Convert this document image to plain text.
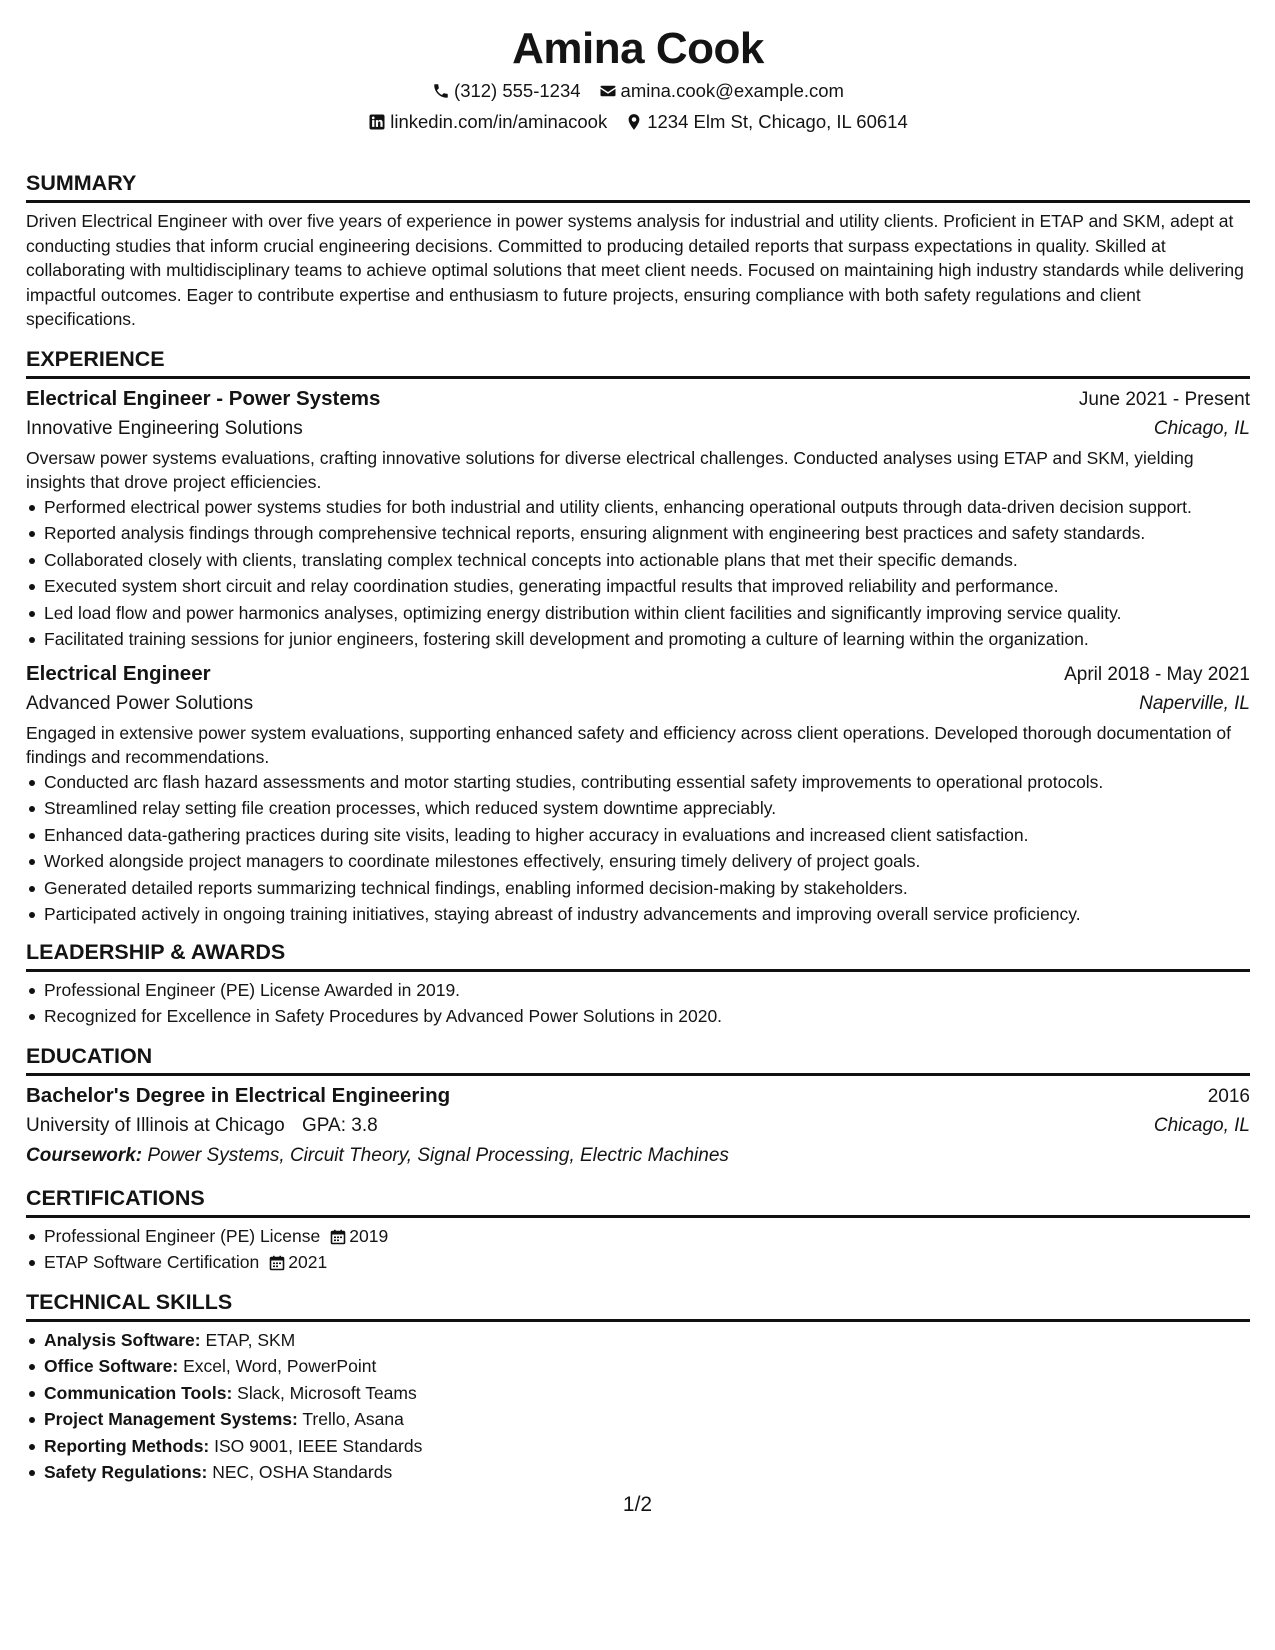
Amina Cook
(312) 555-1234 amina.cook@example.com
linkedin.com/in/aminacook 1234 Elm St, Chicago, IL 60614
SUMMARY

Driven Electrical Engineer with over five years of experience in power systems analysis for industrial and utility clients. Proficient in ETAP and SKM, adept at conducting studies that inform crucial engineering decisions. Committed to producing detailed reports that surpass expectations in quality. Skilled at collaborating with multidisciplinary teams to achieve optimal solutions that meet client needs. Focused on maintaining high industry standards while delivering impactful outcomes. Eager to contribute expertise and enthusiasm to future projects, ensuring compliance with both safety regulations and client specifications.

EXPERIENCE
Electrical Engineer - Power Systems	June 2021 - Present
Innovative Engineering Solutions	Chicago, IL

Oversaw power systems evaluations, crafting innovative solutions for diverse electrical challenges. Conducted analyses using ETAP and SKM, yielding insights that drove project efficiencies.

Performed electrical power systems studies for both industrial and utility clients, enhancing operational outputs through data-driven decision support.
Reported analysis findings through comprehensive technical reports, ensuring alignment with engineering best practices and safety standards.
Collaborated closely with clients, translating complex technical concepts into actionable plans that met their specific demands.
Executed system short circuit and relay coordination studies, generating impactful results that improved reliability and performance.
Led load flow and power harmonics analyses, optimizing energy distribution within client facilities and significantly improving service quality.
Facilitated training sessions for junior engineers, fostering skill development and promoting a culture of learning within the organization.
Electrical Engineer	April 2018 - May 2021
Advanced Power Solutions	Naperville, IL

Engaged in extensive power system evaluations, supporting enhanced safety and efficiency across client operations. Developed thorough documentation of findings and recommendations.

Conducted arc flash hazard assessments and motor starting studies, contributing essential safety improvements to operational protocols.
Streamlined relay setting file creation processes, which reduced system downtime appreciably.
Enhanced data-gathering practices during site visits, leading to higher accuracy in evaluations and increased client satisfaction.
Worked alongside project managers to coordinate milestones effectively, ensuring timely delivery of project goals.
Generated detailed reports summarizing technical findings, enabling informed decision-making by stakeholders.
Participated actively in ongoing training initiatives, staying abreast of industry advancements and improving overall service proficiency.
LEADERSHIP & AWARDS
Professional Engineer (PE) License Awarded in 2019.
Recognized for Excellence in Safety Procedures by Advanced Power Solutions in 2020.
EDUCATION
Bachelor's Degree in Electrical Engineering	2016
University of Illinois at Chicago GPA: 3.8	Chicago, IL
Coursework: Power Systems, Circuit Theory, Signal Processing, Electric Machines
CERTIFICATIONS
Professional Engineer (PE) License 2019
ETAP Software Certification 2021
TECHNICAL SKILLS
Analysis Software: ETAP, SKM
Office Software: Excel, Word, PowerPoint
Communication Tools: Slack, Microsoft Teams
Project Management Systems: Trello, Asana
Reporting Methods: ISO 9001, IEEE Standards
Safety Regulations: NEC, OSHA Standards
1/2
